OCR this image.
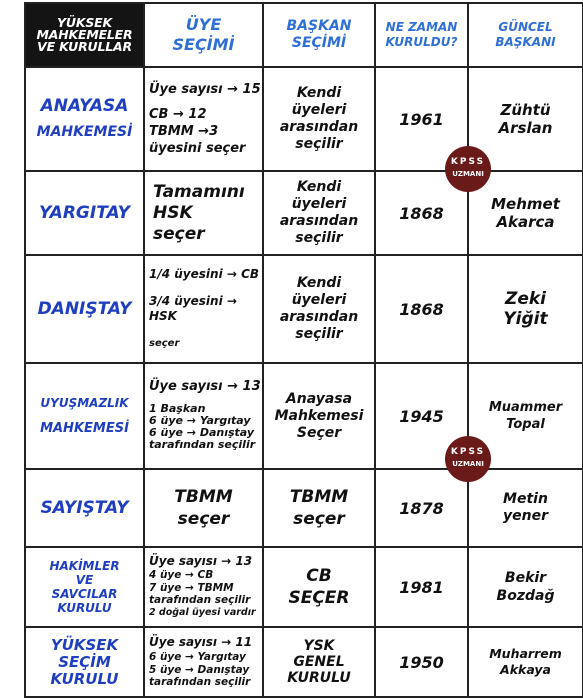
YÜKSEK
MAHKEMELER
VE KURULLAR	ÜYE
SEÇİMİ	BAŞKAN
SEÇİMİ	NE ZAMAN
KURULDU?	GÜNCEL
BAŞKANI

ANAYASA
MAHKEMESİ	Üye sayısı → 15
CB → 12
TBMM →3
üyesini seçer	Kendi
üyeleri
arasından
seçilir	1961	Zühtü
Arslan

YARGITAY	Tamamını
HSK
seçer	Kendi
üyeleri
arasından
seçilir	1868	Mehmet
Akarca

DANIŞTAY	1/4 üyesini → CB
3/4 üyesini → HSK
seçer	Kendi
üyeleri
arasından
seçilir	1868	Zeki
Yiğit

UYUŞMAZLIK
MAHKEMESİ	Üye sayısı → 13
1 Başkan
6 üye → Yargıtay
6 üye → Danıştay
tarafından seçilir	Anayasa
Mahkemesi
Seçer	1945	Muammer
Topal

SAYIŞTAY	TBMM
seçer	TBMM
seçer	1878	Metin
yener

HAKİMLER
VE
SAVCILAR
KURULU	Üye sayısı → 13
4 üye → CB
7 üye → TBMM
tarafından seçilir
2 doğal üyesi vardır	CB
SEÇER	1981	Bekir
Bozdağ

YÜKSEK
SEÇİM
KURULU	Üye sayısı → 11
6 üye → Yargıtay
5 üye → Danıştay
tarafından seçilir	YSK
GENEL
KURULU	1950	Muharrem
Akkaya
KPSS
UZMANI
KPSS
UZMANI
